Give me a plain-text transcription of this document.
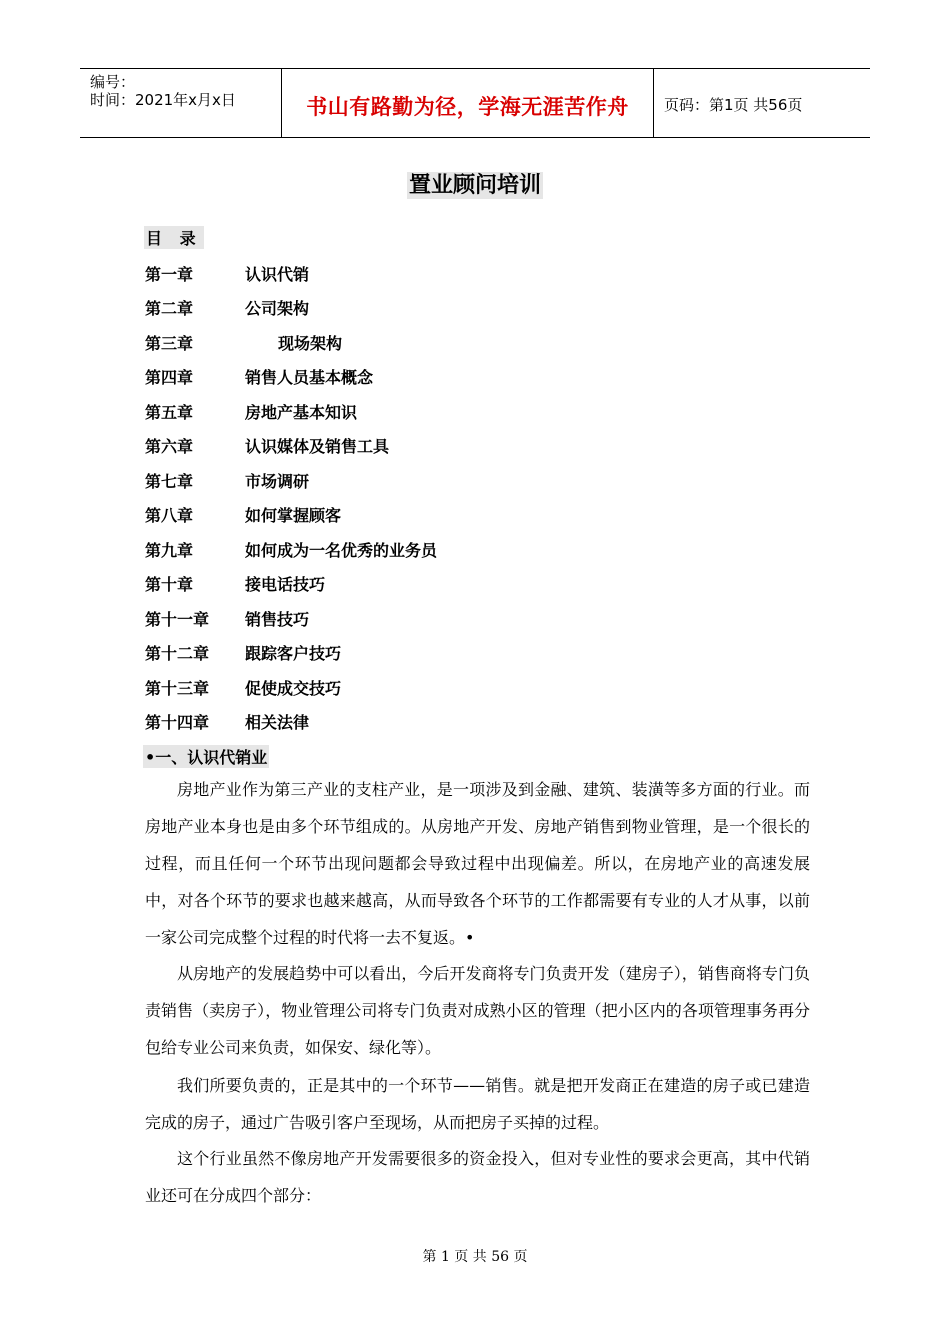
编号：
时间：2021年x月x日	书山有路勤为径，学海无涯苦作舟	页码：第1页 共56页
置业顾问培训
目 录
第一章	认识代销
第二章	公司架构
第三章	现场架构
第四章	销售人员基本概念
第五章	房地产基本知识
第六章	认识媒体及销售工具
第七章	市场调研
第八章	如何掌握顾客
第九章	如何成为一名优秀的业务员
第十章	接电话技巧
第十一章 销售技巧
第十二章 跟踪客户技巧
第十三章 促使成交技巧
第十四章 相关法律
•一、认识代销业

房地产业作为第三产业的支柱产业，是一项涉及到金融、建筑、装潢等多方面的行业。而房地产业本身也是由多个环节组成的。从房地产开发、房地产销售到物业管理，是一个很长的过程，而且任何一个环节出现问题都会导致过程中出现偏差。所以，在房地产业的高速发展中，对各个环节的要求也越来越高，从而导致各个环节的工作都需要有专业的人才从事，以前一家公司完成整个过程的时代将一去不复返。•

从房地产的发展趋势中可以看出，今后开发商将专门负责开发（建房子），销售商将专门负责销售（卖房子），物业管理公司将专门负责对成熟小区的管理（把小区内的各项管理事务再分包给专业公司来负责，如保安、绿化等）。

我们所要负责的，正是其中的一个环节——销售。就是把开发商正在建造的房子或已建造完成的房子，通过广告吸引客户至现场，从而把房子买掉的过程。

这个行业虽然不像房地产开发需要很多的资金投入，但对专业性的要求会更高，其中代销业还可在分成四个部分：

第 1 页 共 56 页
